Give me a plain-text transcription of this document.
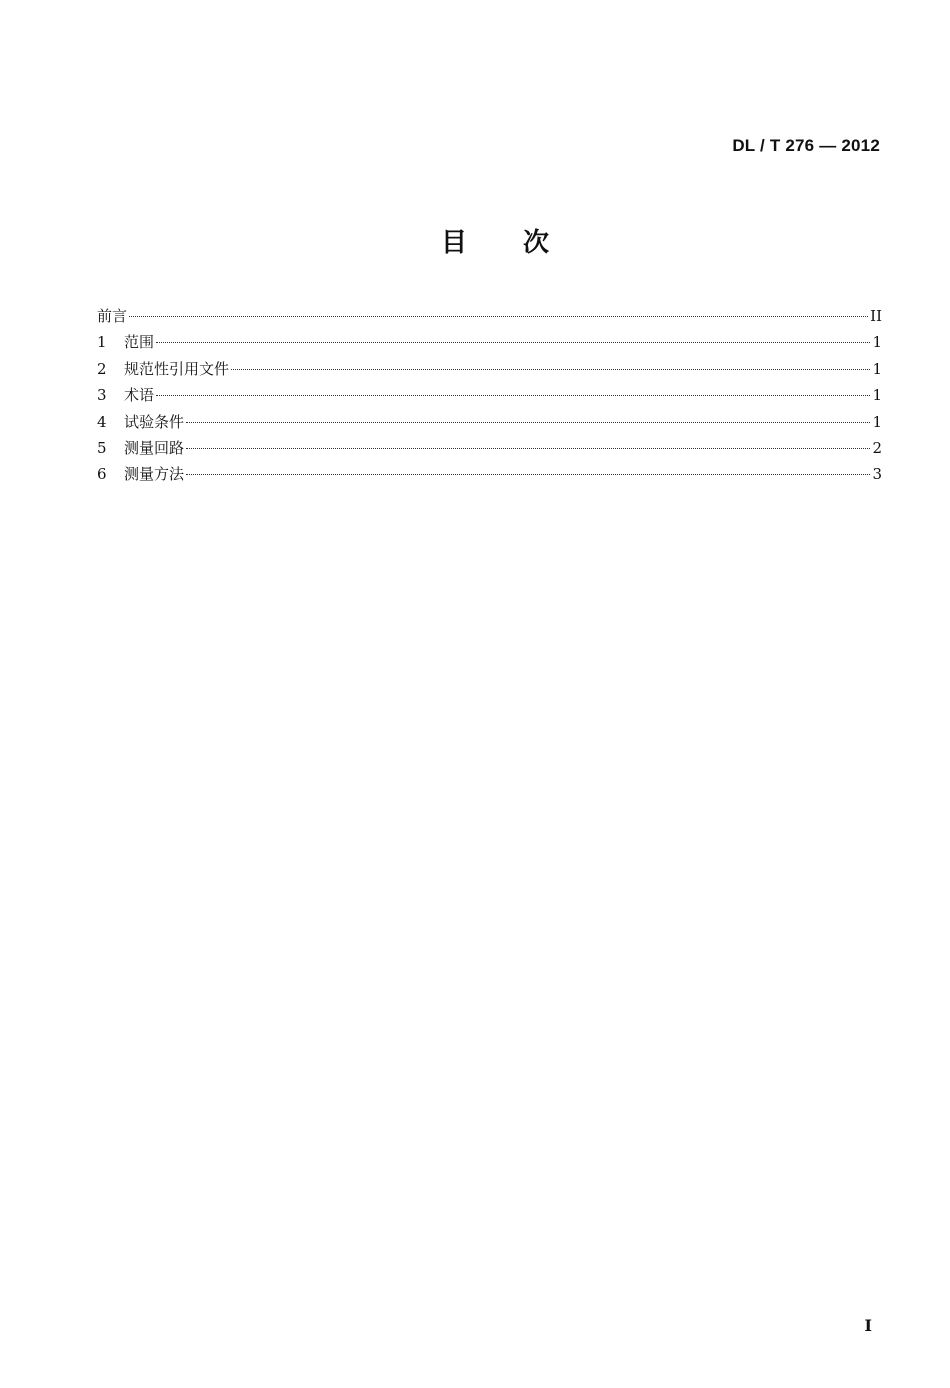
DL / T 276 — 2012
目 次
前言	II
1	范围	1
2	规范性引用文件	1
3	术语	1
4	试验条件	1
5	测量回路	2
6	测量方法	3
I
